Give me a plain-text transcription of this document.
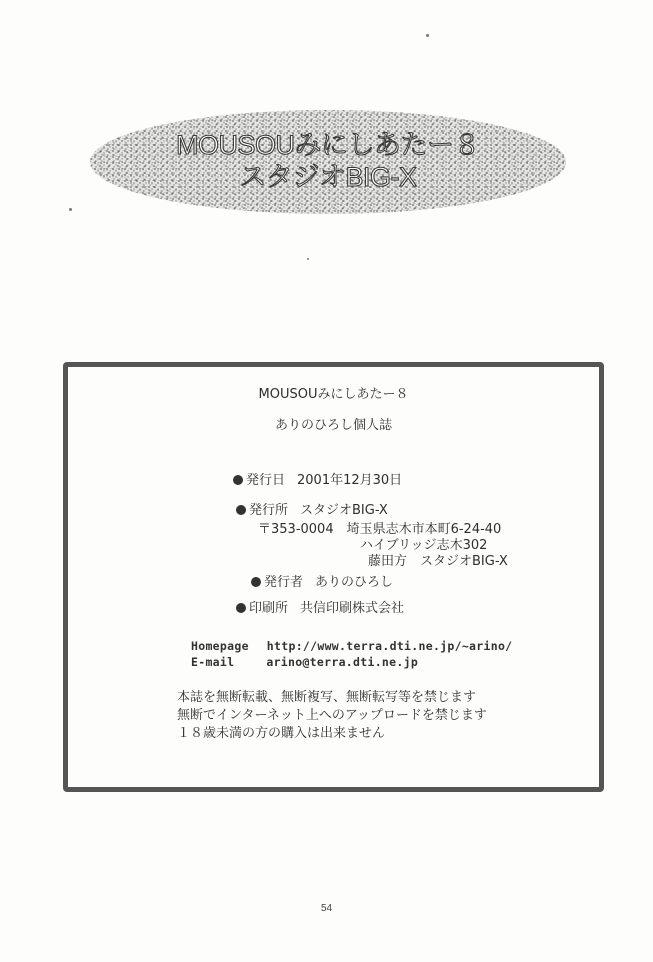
MOUSOUみにしあたー８
スタジオBIG-X
MOUSOUみにしあたー８
ありのひろし個人誌
発行日 2001年12月30日
発行所 スタジオBIG-X
〒353-0004　埼玉県志木市本町6-24-40
ハイブリッジ志木302
藤田方　スタジオBIG-X
発行者 ありのひろし
印刷所 共信印刷株式会社
Homepage http://www.terra.dti.ne.jp/~arino/
E-mail	arino@terra.dti.ne.jp
本誌を無断転載、無断複写、無断転写等を禁じます
無断でインターネット上へのアップロードを禁じます
１８歳未満の方の購入は出来ません
54
